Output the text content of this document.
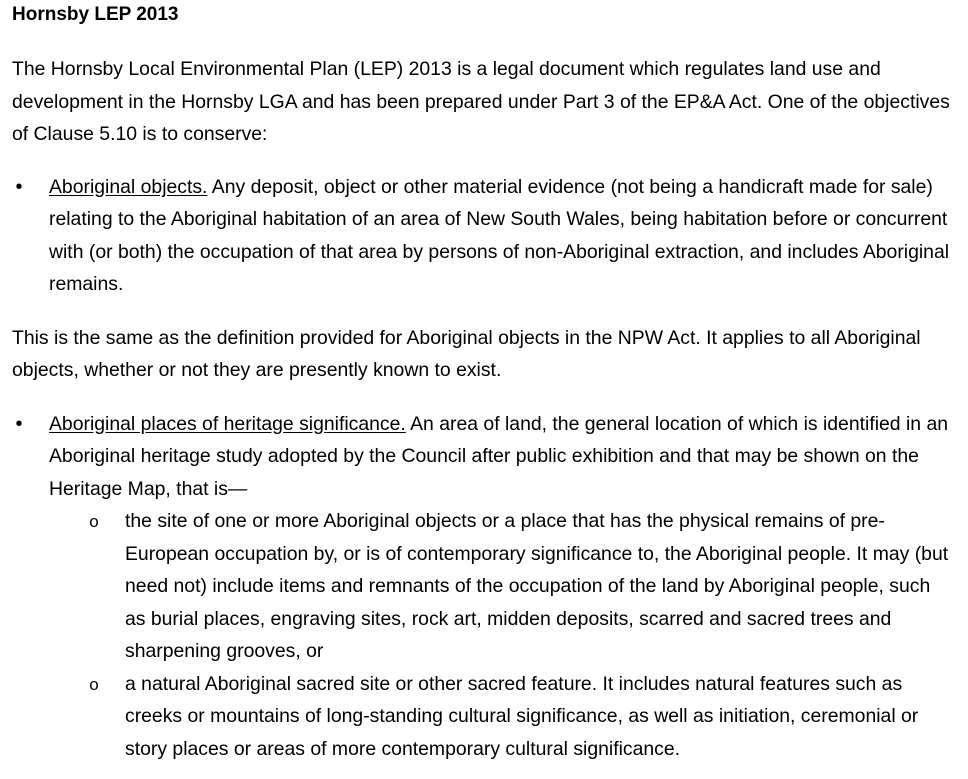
Hornsby LEP 2013

The Hornsby Local Environmental Plan (LEP) 2013 is a legal document which regulates land use and development in the Hornsby LGA and has been prepared under Part 3 of the EP&A Act. One of the objectives of Clause 5.10 is to conserve:

• Aboriginal objects. Any deposit, object or other material evidence (not being a handicraft made for sale) relating to the Aboriginal habitation of an area of New South Wales, being habitation before or concurrent with (or both) the occupation of that area by persons of non-Aboriginal extraction, and includes Aboriginal remains.

This is the same as the definition provided for Aboriginal objects in the NPW Act. It applies to all Aboriginal objects, whether or not they are presently known to exist.

• Aboriginal places of heritage significance. An area of land, the general location of which is identified in an Aboriginal heritage study adopted by the Council after public exhibition and that may be shown on the Heritage Map, that is—
o	the site of one or more Aboriginal objects or a place that has the physical remains of pre-European occupation by, or is of contemporary significance to, the Aboriginal people. It may (but need not) include items and remnants of the occupation of the land by Aboriginal people, such as burial places, engraving sites, rock art, midden deposits, scarred and sacred trees and sharpening grooves, or
o	a natural Aboriginal sacred site or other sacred feature. It includes natural features such as creeks or mountains of long-standing cultural significance, as well as initiation, ceremonial or story places or areas of more contemporary cultural significance.
